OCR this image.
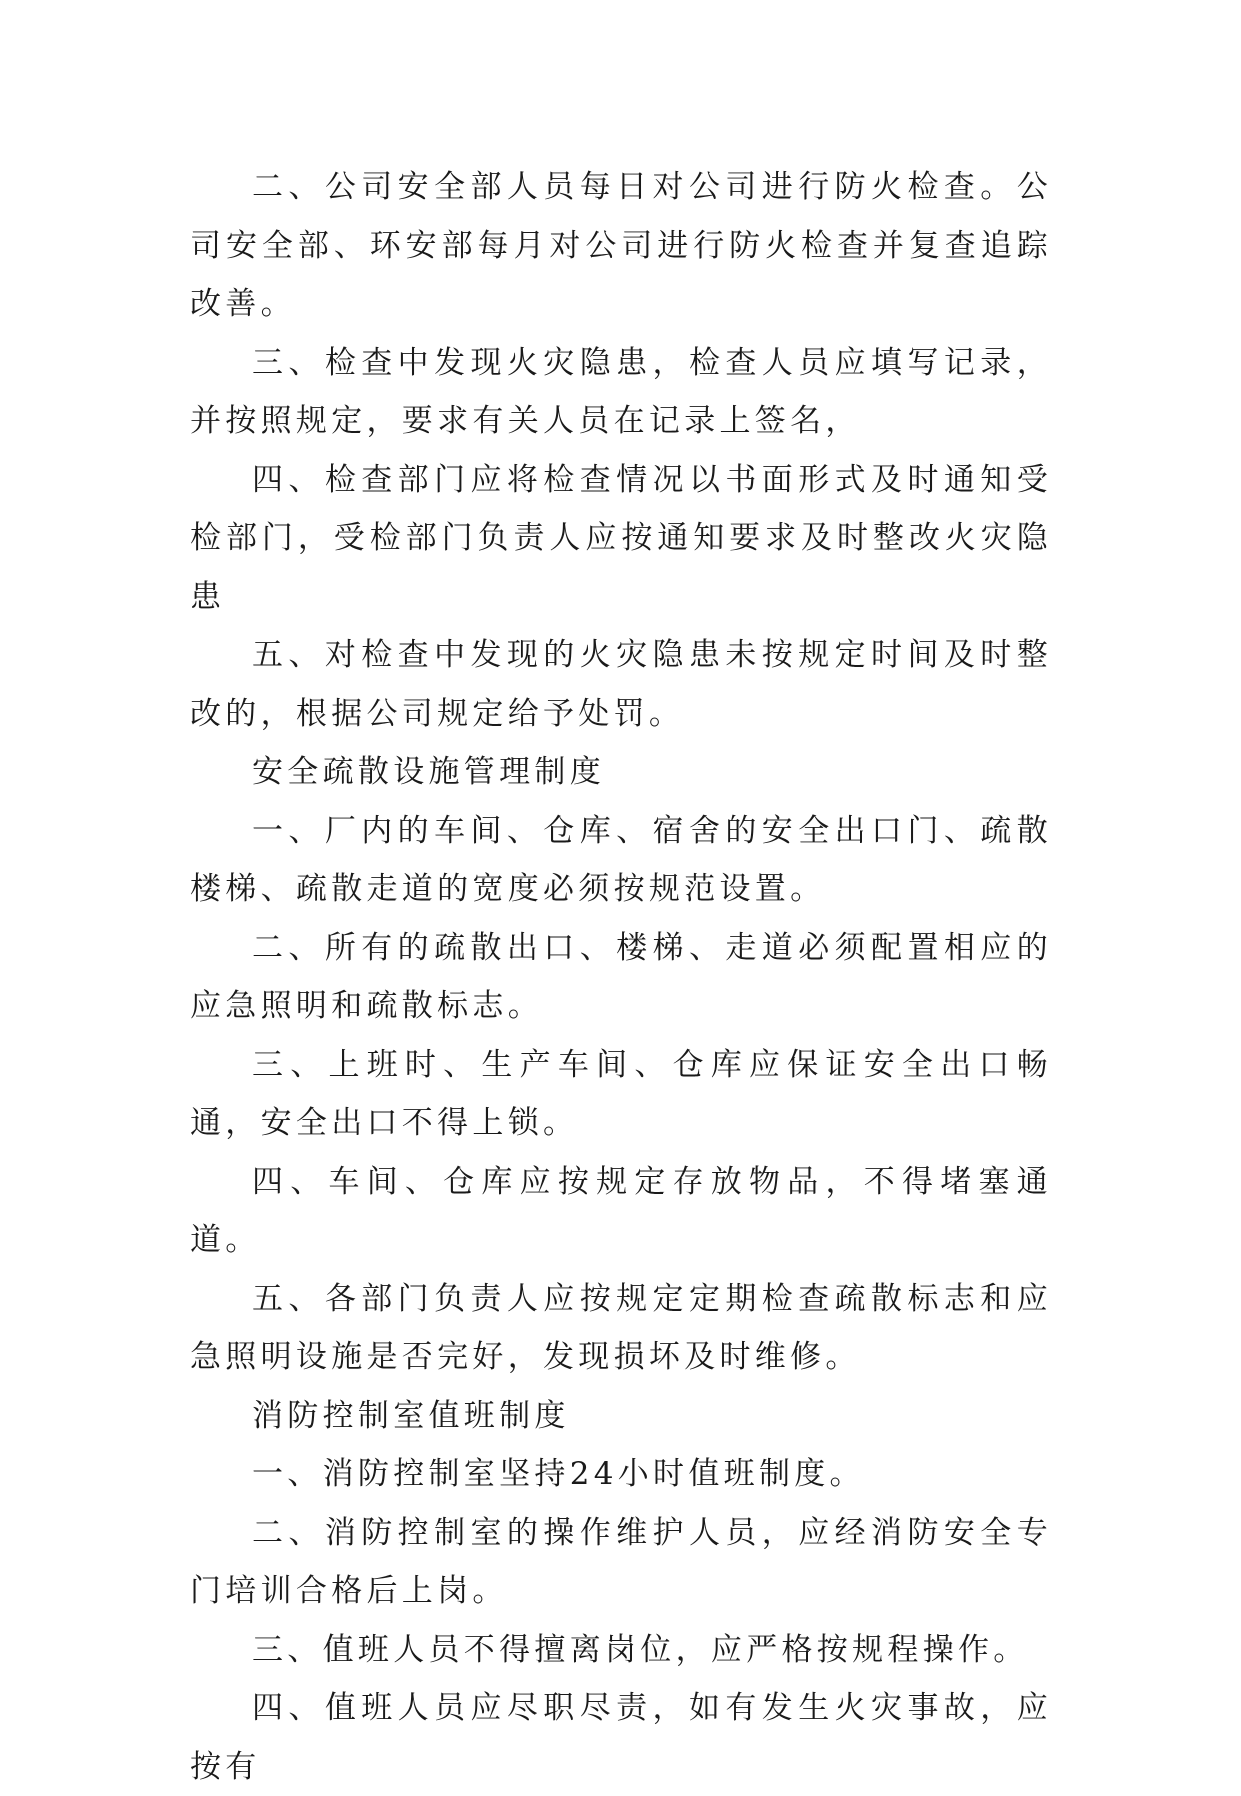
二、公司安全部人员每日对公司进行防火检查。公司安全部、环安部每月对公司进行防火检查并复查追踪改善。

三、检查中发现火灾隐患，检查人员应填写记录，并按照规定，要求有关人员在记录上签名，

四、检查部门应将检查情况以书面形式及时通知受检部门，受检部门负责人应按通知要求及时整改火灾隐患

五、对检查中发现的火灾隐患未按规定时间及时整改的，根据公司规定给予处罚。

安全疏散设施管理制度

一、厂内的车间、仓库、宿舍的安全出口门、疏散楼梯、疏散走道的宽度必须按规范设置。

二、所有的疏散出口、楼梯、走道必须配置相应的应急照明和疏散标志。

三、上班时、生产车间、仓库应保证安全出口畅通，安全出口不得上锁。

四、车间、仓库应按规定存放物品，不得堵塞通道。

五、各部门负责人应按规定定期检查疏散标志和应急照明设施是否完好，发现损坏及时维修。

消防控制室值班制度

一、消防控制室坚持24小时值班制度。

二、消防控制室的操作维护人员，应经消防安全专门培训合格后上岗。

三、值班人员不得擅离岗位，应严格按规程操作。

四、值班人员应尽职尽责，如有发生火灾事故，应按有
